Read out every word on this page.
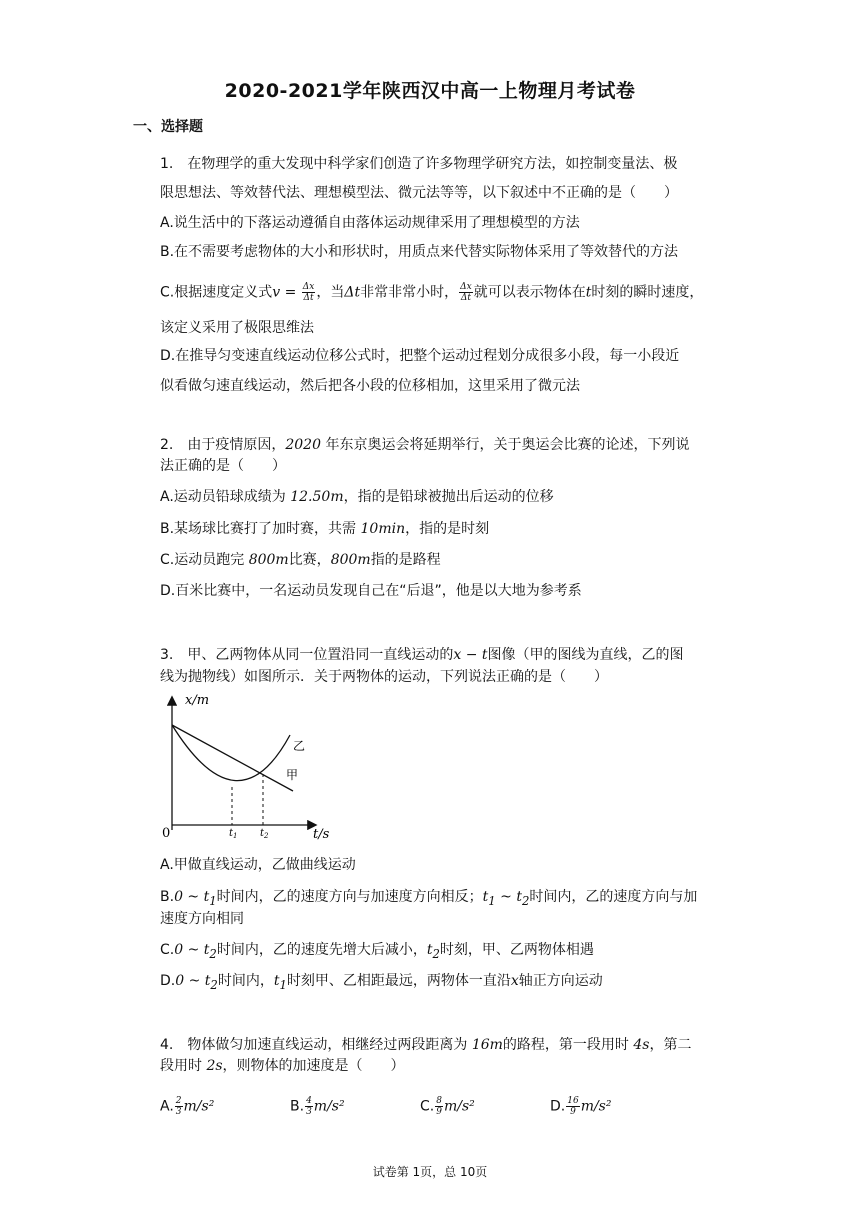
2020-2021学年陕西汉中高一上物理月考试卷
一、选择题
1.　在物理学的重大发现中科学家们创造了许多物理学研究方法，如控制变量法、极
限思想法、等效替代法、理想模型法、微元法等等，以下叙述中不正确的是（　　）
A.说生活中的下落运动遵循自由落体运动规律采用了理想模型的方法
B.在不需要考虑物体的大小和形状时，用质点来代替实际物体采用了等效替代的方法
C.根据速度定义式$v = \frac{\Delta x}{\Delta t}$ ，当Δt非常非常小时， $\frac{\Delta x}{\Delta t}$ 就可以表示物体在t时刻的瞬时速度，
该定义采用了极限思维法
D.在推导匀变速直线运动位移公式时，把整个运动过程划分成很多小段，每一小段近
似看做匀速直线运动，然后把各小段的位移相加，这里采用了微元法
2.　由于疫情原因，2020 年东京奥运会将延期举行，关于奥运会比赛的论述，下列说
法正确的是（　　）
A.运动员铅球成绩为 12.50m，指的是铅球被抛出后运动的位移
B.某场球比赛打了加时赛，共需 10min，指的是时刻
C.运动员跑完 800m比赛，800m指的是路程
D.百米比赛中，一名运动员发现自己在“后退”，他是以大地为参考系
3.　甲、乙两物体从同一位置沿同一直线运动的x − t图像（甲的图线为直线，乙的图
线为抛物线）如图所示．关于两物体的运动，下列说法正确的是（　　）
x/m
t/s
0	$t_1$ $t_2$
乙
甲
A.甲做直线运动，乙做曲线运动
B.0 ~ $t_1$时间内，乙的速度方向与加速度方向相反；$t_1$ ~ $t_2$时间内，乙的速度方向与加
速度方向相同
C.0 ~ $t_2$时间内，乙的速度先增大后减小，$t_2$时刻，甲、乙两物体相遇
D.0 ~ $t_2$时间内，$t_1$时刻甲、乙相距最远，两物体一直沿x轴正方向运动
4.　物体做匀加速直线运动，相继经过两段距离为 16m的路程，第一段用时 4s，第二
段用时 2s，则物体的加速度是（　　）
A. $\frac{2}{3} m/s^2$	B. $\frac{4}{3} m/s^2$	C. $\frac{8}{9} m/s^2$	D. $\frac{16}{9} m/s^2$
试卷第 1页，总 10页
